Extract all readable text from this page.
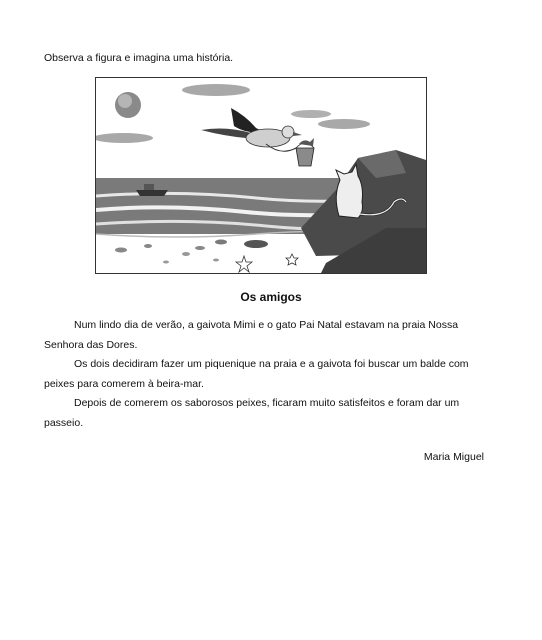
Observa a figura e imagina uma história.

Os amigos

Num lindo dia de verão, a gaivota Mimi e o gato Pai Natal estavam na praia Nossa Senhora das Dores.

Os dois decidiram fazer um piquenique na praia e a gaivota foi buscar um balde com peixes para comerem à beira-mar.

Depois de comerem os saborosos peixes, ficaram muito satisfeitos e foram dar um passeio.

Maria Miguel
